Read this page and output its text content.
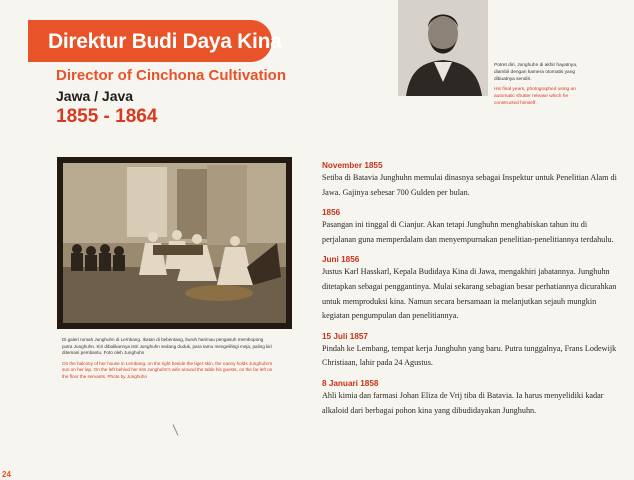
Direktur Budi Daya Kina
Director of Cinchona Cultivation
Jawa / Java
1855 - 1864
Potret diri, Junghuhn di akhir hayatnya, diambil dengan kamera otomatis yang dibuatnya sendiri.
His final years, photographed using an automatic shutter release which he constructed himself.
Di galeri rumah Junghuhn di Lembang. Ikatan di bebentang, buruh harimau pengasuh membopong putra Junghuhn. Kiri dibalikannya istri Junghuhn sedang duduk, para tamu mengelilingi meja, paling kiri ditemani pembantu. Foto oleh Junghuhn
On the balcony of her house in Lembang, on the right beside the tiger skin, the nanny holds Junghuhn's son on her lap. On the left behind her sits Junghuhn's wife around the table his guests, on the far left on the floor the servants. Photo by Junghuhn
November 1855
Setiba di Batavia Junghuhn memulai dinasnya sebagai Inspektur untuk Penelitian Alam di Jawa. Gajinya sebesar 700 Gulden per bulan.
1856
Pasangan ini tinggal di Cianjur. Akan tetapi Junghuhn menghabiskan tahun itu di perjalanan guna memperdalam dan menyempurnakan penelitian-penelitiannya terdahulu.
Juni 1856
Justus Karl Hasskarl, Kepala Budidaya Kina di Jawa, mengakhiri jabatannya. Junghuhn ditetapkan sebagai penggantinya. Mulai sekarang sebagian besar perhatiannya dicurahkan untuk memproduksi kina. Namun secara bersamaan ia melanjutkan sejauh mungkin kegiatan pengumpulan dan penelitiannya.
15 Juli 1857
Pindah ke Lembang, tempat kerja Junghuhn yang baru. Putra tunggalnya, Frans Lodewijk Christiaan, lahir pada 24 Agustus.
8 Januari 1858
Ahli kimia dan farmasi Johan Eliza de Vrij tiba di Batavia. Ia harus menyelidiki kadar alkaloid dari berbagai pohon kina yang dibudidayakan Junghuhn.
24
